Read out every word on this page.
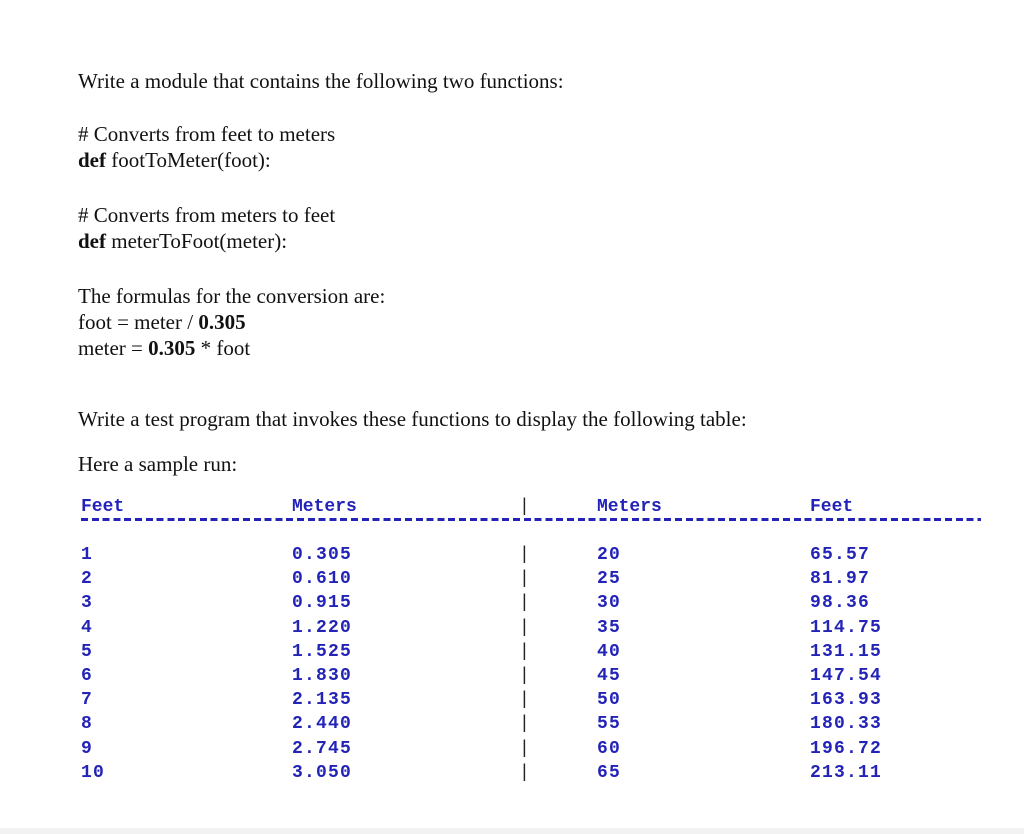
Write a module that contains the following two functions:

# Converts from feet to meters

def footToMeter(foot):

# Converts from meters to feet

def meterToFoot(meter):

The formulas for the conversion are:

foot = meter / 0.305

meter = 0.305 * foot

Write a test program that invokes these functions to display the following table:

Here a sample run:

Feet	Meters	|	Meters	Feet
1	0.305	|	20	65.57
2	0.610	|	25	81.97
3	0.915	|	30	98.36
4	1.220	|	35	114.75
5	1.525	|	40	131.15
6	1.830	|	45	147.54
7	2.135	|	50	163.93
8	2.440	|	55	180.33
9	2.745	|	60	196.72
10	3.050	|	65	213.11
